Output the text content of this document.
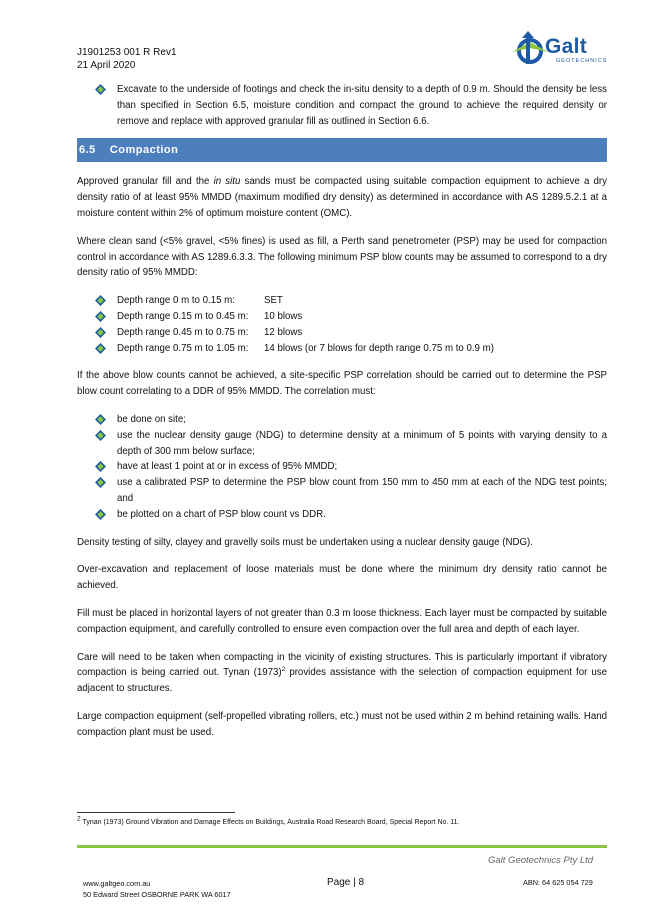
J1901253 001 R Rev1
21 April 2020
Galt
GEOTECHNICS
Excavate to the underside of footings and check the in-situ density to a depth of 0.9 m. Should the density be less than specified in Section 6.5, moisture condition and compact the ground to achieve the required density or remove and replace with approved granular fill as outlined in Section 6.6.
6.5 Compaction

Approved granular fill and the in situ sands must be compacted using suitable compaction equipment to achieve a dry density ratio of at least 95% MMDD (maximum modified dry density) as determined in accordance with AS 1289.5.2.1 at a moisture content within 2% of optimum moisture content (OMC).

Where clean sand (<5% gravel, <5% fines) is used as fill, a Perth sand penetrometer (PSP) may be used for compaction control in accordance with AS 1289.6.3.3. The following minimum PSP blow counts may be assumed to correspond to a dry density ratio of 95% MMDD:

Depth range 0 m to 0.15 m:	SET
Depth range 0.15 m to 0.45 m:	10 blows
Depth range 0.45 m to 0.75 m:	12 blows
Depth range 0.75 m to 1.05 m:	14 blows (or 7 blows for depth range 0.75 m to 0.9 m)

If the above blow counts cannot be achieved, a site-specific PSP correlation should be carried out to determine the PSP blow count correlating to a DDR of 95% MMDD. The correlation must:

be done on site;
use the nuclear density gauge (NDG) to determine density at a minimum of 5 points with varying density to a depth of 300 mm below surface;
have at least 1 point at or in excess of 95% MMDD;
use a calibrated PSP to determine the PSP blow count from 150 mm to 450 mm at each of the NDG test points; and
be plotted on a chart of PSP blow count vs DDR.

Density testing of silty, clayey and gravelly soils must be undertaken using a nuclear density gauge (NDG).

Over-excavation and replacement of loose materials must be done where the minimum dry density ratio cannot be achieved.

Fill must be placed in horizontal layers of not greater than 0.3 m loose thickness. Each layer must be compacted by suitable compaction equipment, and carefully controlled to ensure even compaction over the full area and depth of each layer.

Care will need to be taken when compacting in the vicinity of existing structures. This is particularly important if vibratory compaction is being carried out. Tynan $(1973)^2$ provides assistance with the selection of compaction equipment for use adjacent to structures.

Large compaction equipment (self-propelled vibrating rollers, etc.) must not be used within 2 m behind retaining walls. Hand compaction plant must be used.

$^2$ Tynan (1973) Ground Vibration and Damage Effects on Buildings, Australia Road Research Board, Special Report No. 11.
Galt Geotechnics Pty Ltd
www.galtgeo.com.au
50 Edward Street OSBORNE PARK WA 6017
Page | 8	ABN: 64 625 054 729
